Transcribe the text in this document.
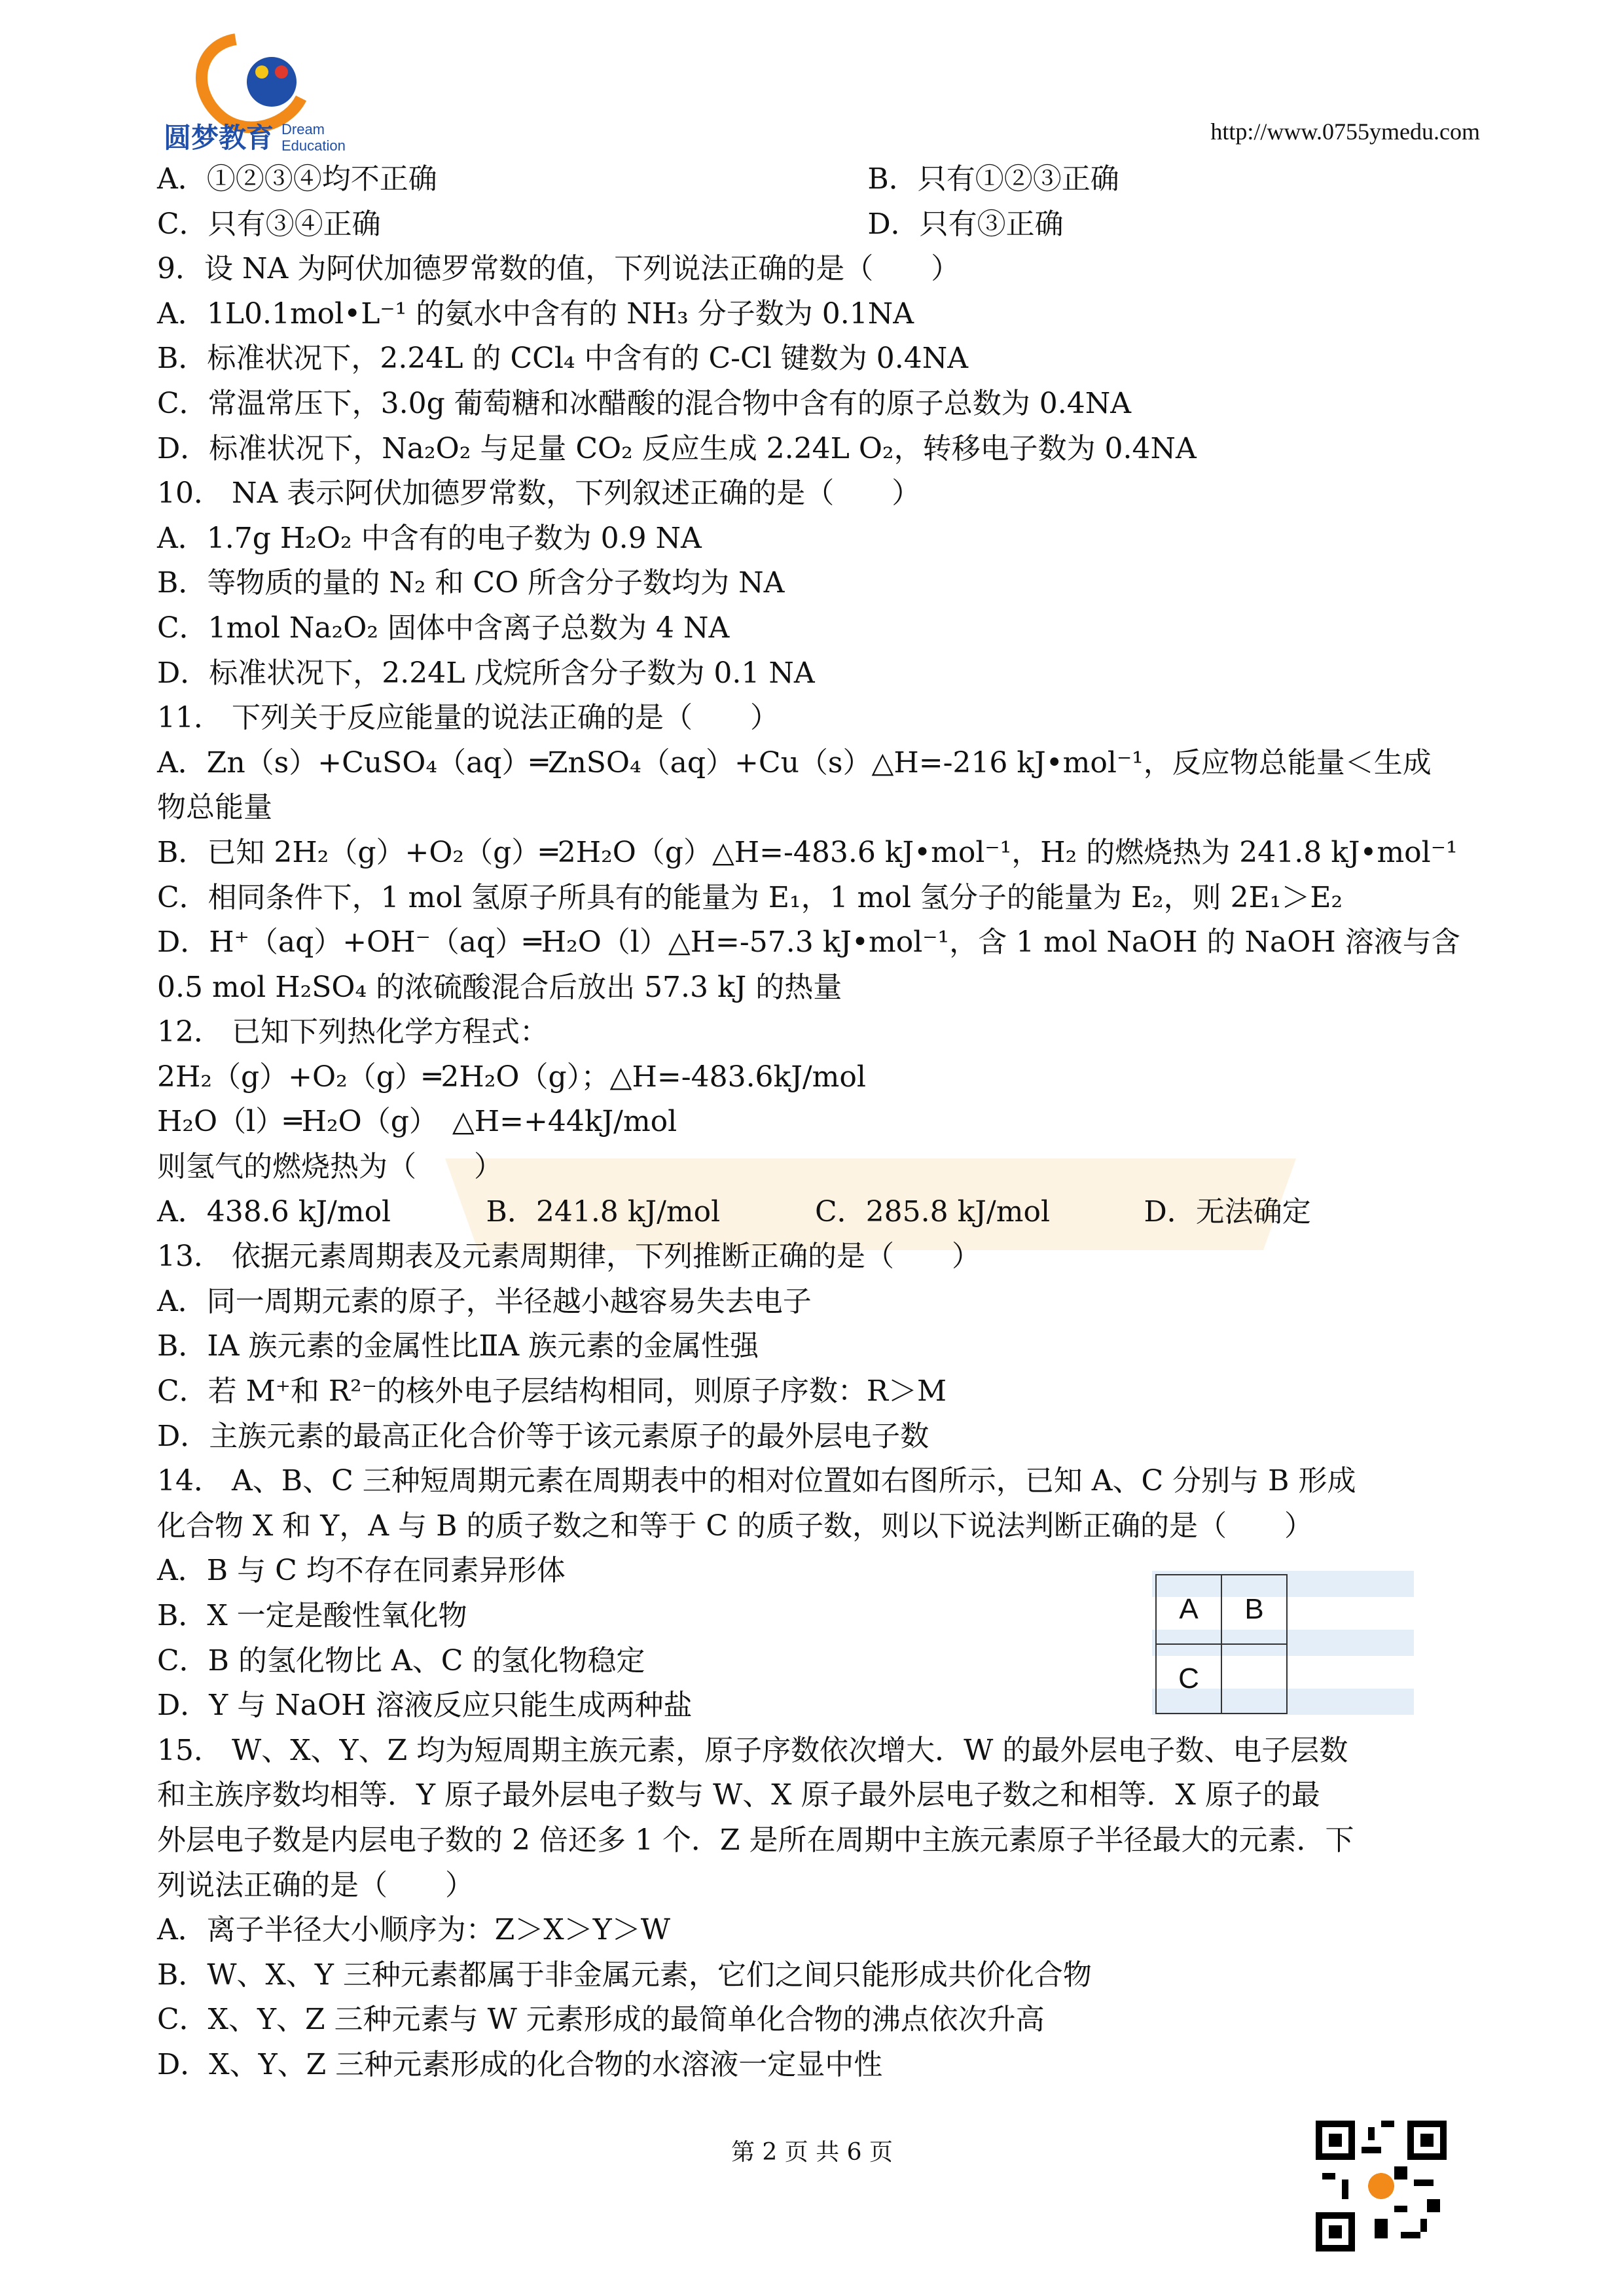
圆梦教育 Dream
Education
http://www.0755ymedu.com
A．①②③④均不正确	B．只有①②③正确
C．只有③④正确	D．只有③正确
9．设 NA 为阿伏加德罗常数的值，下列说法正确的是（　　）
A．1L0.1mol•L⁻¹ 的氨水中含有的 NH₃ 分子数为 0.1NA
B．标准状况下，2.24L 的 CCl₄ 中含有的 C-Cl 键数为 0.4NA
C．常温常压下，3.0g 葡萄糖和冰醋酸的混合物中含有的原子总数为 0.4NA
D．标准状况下，Na₂O₂ 与足量 CO₂ 反应生成 2.24L O₂，转移电子数为 0.4NA
10． NA 表示阿伏加德罗常数，下列叙述正确的是（　　）
A．1.7g H₂O₂ 中含有的电子数为 0.9 NA
B．等物质的量的 N₂ 和 CO 所含分子数均为 NA
C．1mol Na₂O₂ 固体中含离子总数为 4 NA
D．标准状况下，2.24L 戊烷所含分子数为 0.1 NA
11． 下列关于反应能量的说法正确的是（　　）
A．Zn（s）+CuSO₄（aq）═ZnSO₄（aq）+Cu（s）△H=-216 kJ•mol⁻¹，反应物总能量＜生成
物总能量
B．已知 2H₂（g）+O₂（g）═2H₂O（g）△H=-483.6 kJ•mol⁻¹，H₂ 的燃烧热为 241.8 kJ•mol⁻¹
C．相同条件下，1 mol 氢原子所具有的能量为 E₁，1 mol 氢分子的能量为 E₂，则 2E₁＞E₂
D．H⁺（aq）+OH⁻（aq）═H₂O（l）△H=-57.3 kJ•mol⁻¹，含 1 mol NaOH 的 NaOH 溶液与含
0.5 mol H₂SO₄ 的浓硫酸混合后放出 57.3 kJ 的热量
12． 已知下列热化学方程式：
2H₂（g）+O₂（g）═2H₂O（g）；△H=-483.6kJ/mol
H₂O（l）═H₂O（g）　△H=+44kJ/mol
则氢气的燃烧热为（　　）
A．438.6 kJ/mol	B．241.8 kJ/mol	C．285.8 kJ/mol	D．无法确定
13． 依据元素周期表及元素周期律，下列推断正确的是（　　）
A．同一周期元素的原子，半径越小越容易失去电子
B．ⅠA 族元素的金属性比ⅡA 族元素的金属性强
C．若 M⁺和 R²⁻的核外电子层结构相同，则原子序数：R＞M
D．主族元素的最高正化合价等于该元素原子的最外层电子数
14． A、B、C 三种短周期元素在周期表中的相对位置如右图所示，已知 A、C 分别与 B 形成
化合物 X 和 Y，A 与 B 的质子数之和等于 C 的质子数，则以下说法判断正确的是（　　）
A．B 与 C 均不存在同素异形体
B．X 一定是酸性氧化物
C．B 的氢化物比 A、C 的氢化物稳定
D．Y 与 NaOH 溶液反应只能生成两种盐
15． W、X、Y、Z 均为短周期主族元素，原子序数依次增大．W 的最外层电子数、电子层数
和主族序数均相等．Y 原子最外层电子数与 W、X 原子最外层电子数之和相等．X 原子的最
外层电子数是内层电子数的 2 倍还多 1 个．Z 是所在周期中主族元素原子半径最大的元素．下
列说法正确的是（　　）
A．离子半径大小顺序为：Z＞X＞Y＞W
B．W、X、Y 三种元素都属于非金属元素，它们之间只能形成共价化合物
C．X、Y、Z 三种元素与 W 元素形成的最简单化合物的沸点依次升高
D．X、Y、Z 三种元素形成的化合物的水溶液一定显中性
A	B
C	
第 2 页 共 6 页
